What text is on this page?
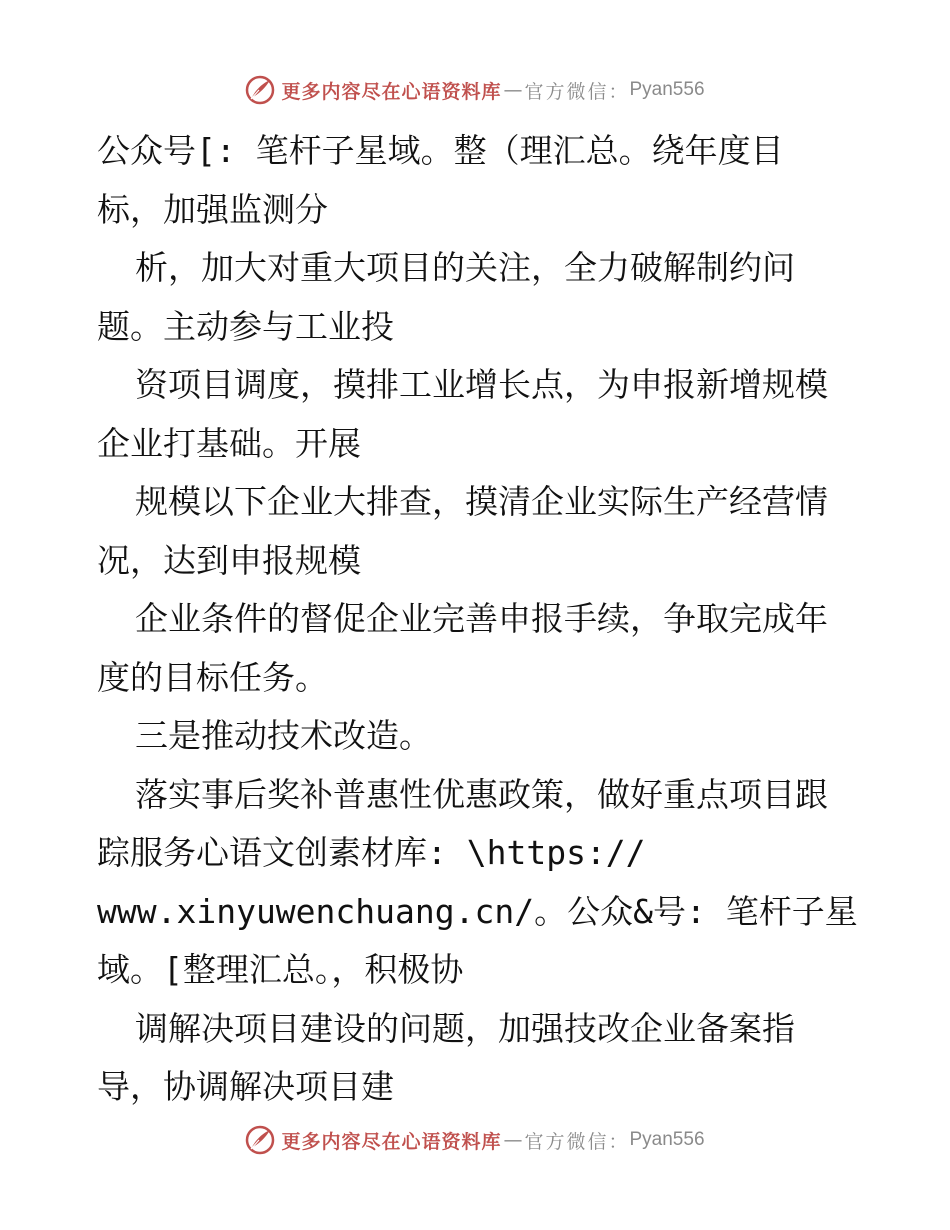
更多内容尽在心语资料库 — 官方微信： Pyan556
公众号[: 笔杆子星域。整（理汇总。绕年度目
标，加强监测分
析，加大对重大项目的关注，全力破解制约问
题。主动参与工业投
资项目调度，摸排工业增长点，为申报新增规模
企业打基础。开展
规模以下企业大排查，摸清企业实际生产经营情
况，达到申报规模
企业条件的督促企业完善申报手续，争取完成年
度的目标任务。
三是推动技术改造。
落实事后奖补普惠性优惠政策，做好重点项目跟
踪服务心语文创素材库: \https://
www.xinyuwenchuang.cn/。公众&号: 笔杆子星
域。[整理汇总。，积极协
调解决项目建设的问题，加强技改企业备案指
导，协调解决项目建
更多内容尽在心语资料库 — 官方微信： Pyan556
